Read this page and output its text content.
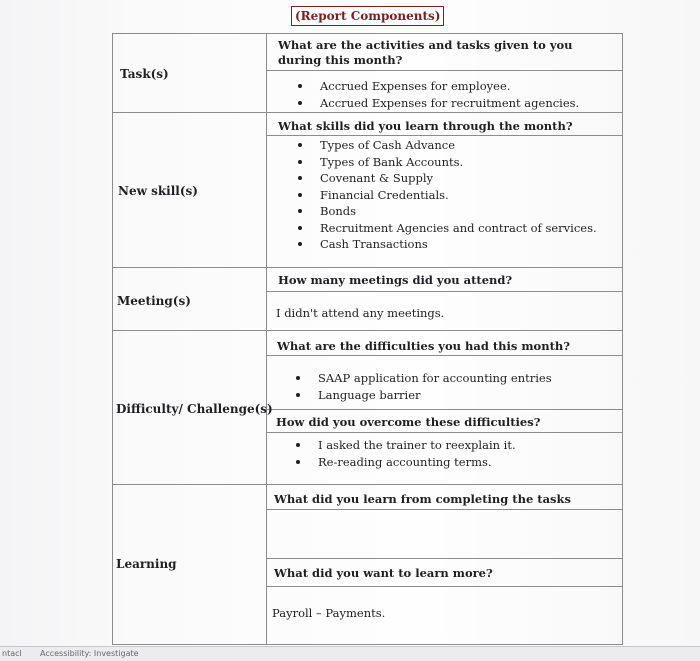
(Report Components)
Task(s)
New skill(s)
Meeting(s)
Difficulty/ Challenge(s)
Learning
What are the activities and tasks given to you during this month?
Accrued Expenses for employee.
Accrued Expenses for recruitment agencies.
What skills did you learn through the month?
Types of Cash Advance
Types of Bank Accounts.
Covenant & Supply
Financial Credentials.
Bonds
Recruitment Agencies and contract of services.
Cash Transactions
How many meetings did you attend?
I didn't attend any meetings.
What are the difficulties you had this month?
SAAP application for accounting entries
Language barrier
How did you overcome these difficulties?
I asked the trainer to reexplain it.
Re-reading accounting terms.
What did you learn from completing the tasks
What did you want to learn more?
Payroll – Payments.
ntacl Accessibility: Investigate
